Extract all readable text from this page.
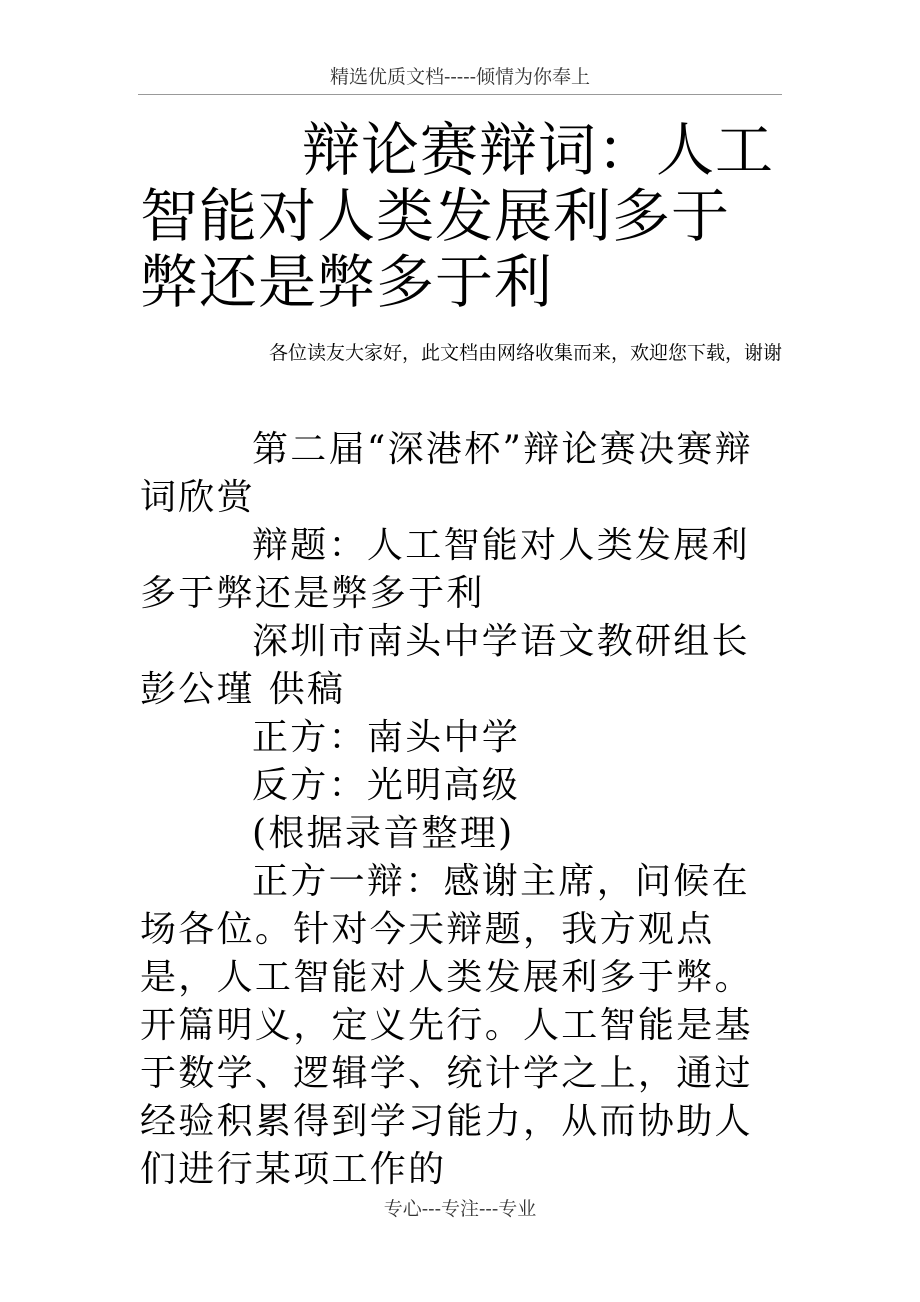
精选优质文档-----倾情为你奉上
辩论赛辩词：人工智能对人类发展利多于弊还是弊多于利
各位读友大家好，此文档由网络收集而来，欢迎您下载，谢谢

第二届“深港杯”辩论赛决赛辩词欣赏

辩题：人工智能对人类发展利多于弊还是弊多于利

深圳市南头中学语文教研组长 彭公瑾 供稿

正方：南头中学

反方：光明高级

(根据录音整理)

正方一辩：感谢主席，问候在场各位。针对今天辩题，我方观点是，人工智能对人类发展利多于弊。开篇明义，定义先行。人工智能是基于数学、逻辑学、统计学之上，通过经验积累得到学习能力，从而协助人们进行某项工作的

专心---专注---专业
